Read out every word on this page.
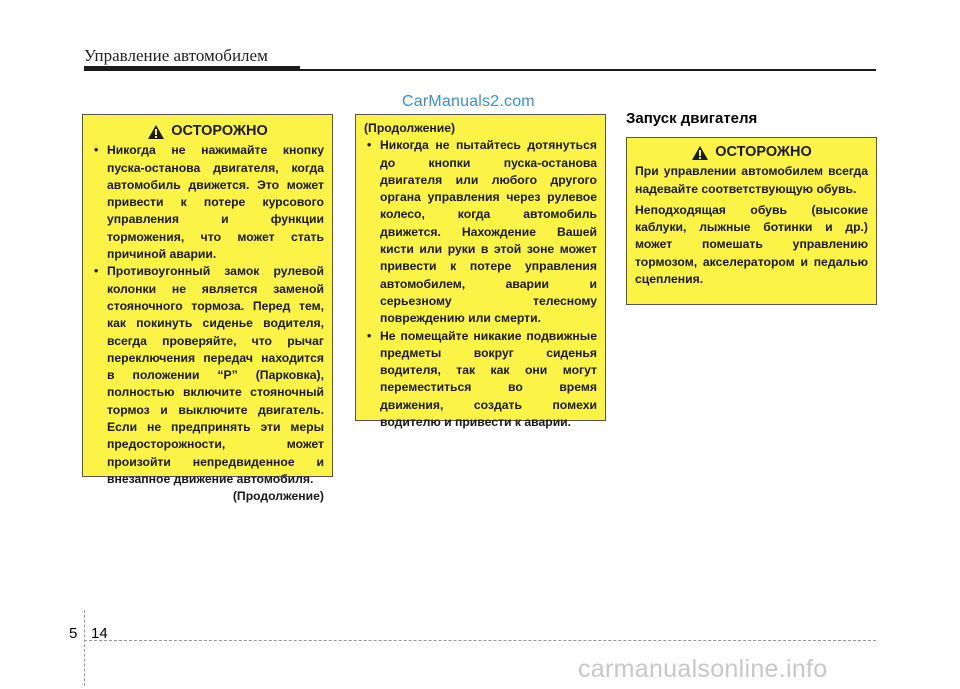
Управление автомобилем
CarManuals2.com
ОСТОРОЖНО
• Никогда не нажимайте кнопку пуска-останова двигателя, когда автомобиль движется. Это может привести к потере курсового управления и функции торможения, что может стать причиной аварии.
• Противоугонный замок рулевой колонки не является заменой стояночного тормоза. Перед тем, как покинуть сиденье водителя, всегда проверяйте, что рычаг переключения передач находится в положении “P” (Парковка), полностью включите стояночный тормоз и выключите двигатель. Если не предпринять эти меры предосторожности, может произойти непредвиденное и внезапное движение автомобиля.
(Продолжение)
(Продолжение)
• Никогда не пытайтесь дотянуться до кнопки пуска-останова двигателя или любого другого органа управления через рулевое колесо, когда автомобиль движется. Нахождение Вашей кисти или руки в этой зоне может привести к потере управления автомобилем, аварии и серьезному телесному повреждению или смерти.
• Не помещайте никакие подвижные предметы вокруг сиденья водителя, так как они могут переместиться во время движения, создать помехи водителю и привести к аварии.
Запуск двигателя
ОСТОРОЖНО
При управлении автомобилем всегда надевайте соответствующую обувь.
Неподходящая обувь (высокие каблуки, лыжные ботинки и др.) может помешать управлению тормозом, акселератором и педалью сцепления.
5 14
carmanualsonline.info
